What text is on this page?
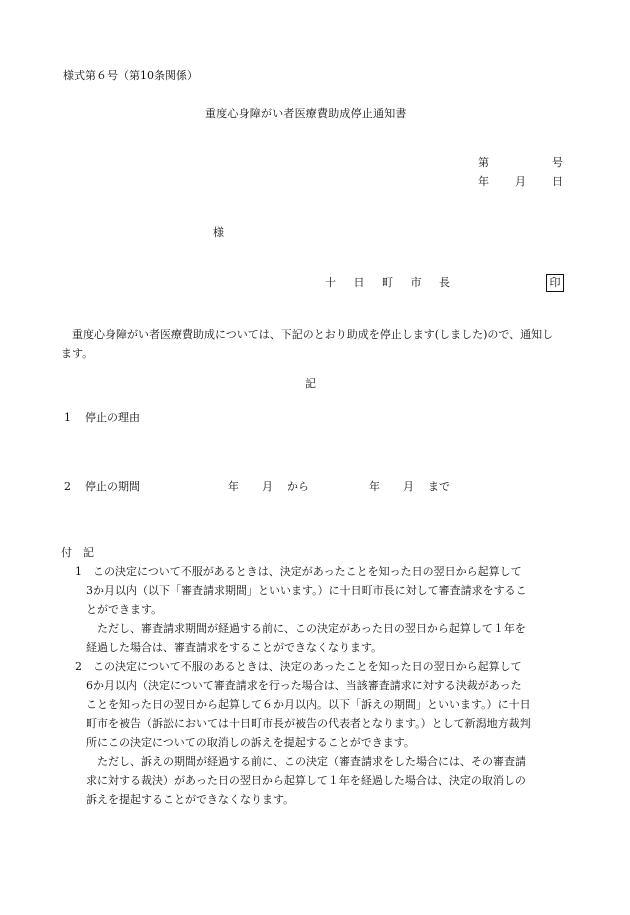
様式第６号（第10条関係）
重度心身障がい者医療費助成停止通知書
第	号
年 月 日
様
十 日 町 市 長	印
重度心身障がい者医療費助成については、下記のとおり助成を停止します(しました)ので、通知します。
記
1 停止の理由
2 停止の期間	年	月	から	年	月	まで
付　記
1　この決定について不服があるときは、決定があったことを知った日の翌日から起算して
3か月以内（以下「審査請求期間」といいます。）に十日町市長に対して審査請求をするこ
とができます。
ただし、審査請求期間が経過する前に、この決定があった日の翌日から起算して１年を
経過した場合は、審査請求をすることができなくなります。
2　この決定について不服のあるときは、決定のあったことを知った日の翌日から起算して
6か月以内（決定について審査請求を行った場合は、当該審査請求に対する決裁があった
ことを知った日の翌日から起算して６か月以内。以下「訴えの期間」といいます。）に十日
町市を被告（訴訟においては十日町市長が被告の代表者となります。）として新潟地方裁判
所にこの決定についての取消しの訴えを提起することができます。
ただし、訴えの期間が経過する前に、この決定（審査請求をした場合には、その審査請
求に対する裁決）があった日の翌日から起算して１年を経過した場合は、決定の取消しの
訴えを提起することができなくなります。
